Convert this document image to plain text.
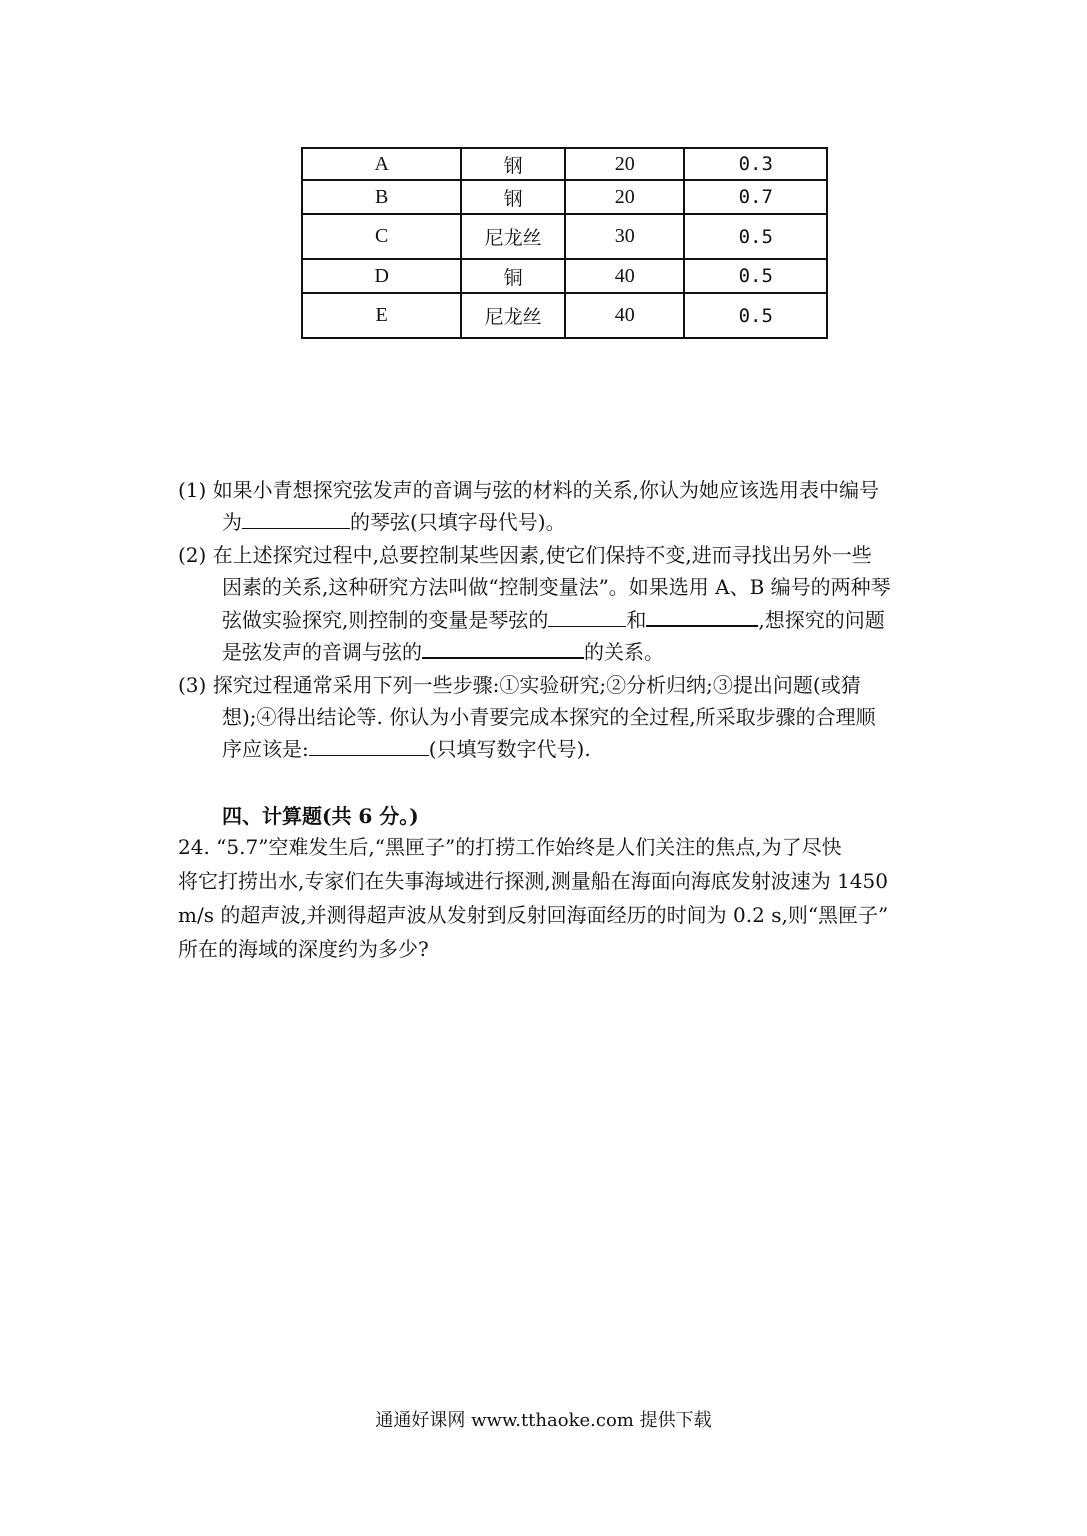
A	钢	20	0.3
B	钢	20	0.7
C	尼龙丝	30	0.5
D	铜	40	0.5
E	尼龙丝	40	0.5
(1) 如果小青想探究弦发声的音调与弦的材料的关系,你认为她应该选用表中编号
为	的琴弦(只填字母代号)。
(2) 在上述探究过程中,总要控制某些因素,使它们保持不变,进而寻找出另外一些
因素的关系,这种研究方法叫做“控制变量法”。如果选用 A、B 编号的两种琴
弦做实验探究,则控制的变量是琴弦的	和	,想探究的问题
是弦发声的音调与弦的	的关系。
(3) 探究过程通常采用下列一些步骤:①实验研究;②分析归纳;③提出问题(或猜
想);④得出结论等. 你认为小青要完成本探究的全过程,所采取步骤的合理顺
序应该是:	(只填写数字代号).
四、计算题(共 6 分。)
24. “5.7”空难发生后,“黑匣子”的打捞工作始终是人们关注的焦点,为了尽快
将它打捞出水,专家们在失事海域进行探测,测量船在海面向海底发射波速为 1450
m/s 的超声波,并测得超声波从发射到反射回海面经历的时间为 0.2 s,则“黑匣子”
所在的海域的深度约为多少?
通通好课网 www.tthaoke.com 提供下载
